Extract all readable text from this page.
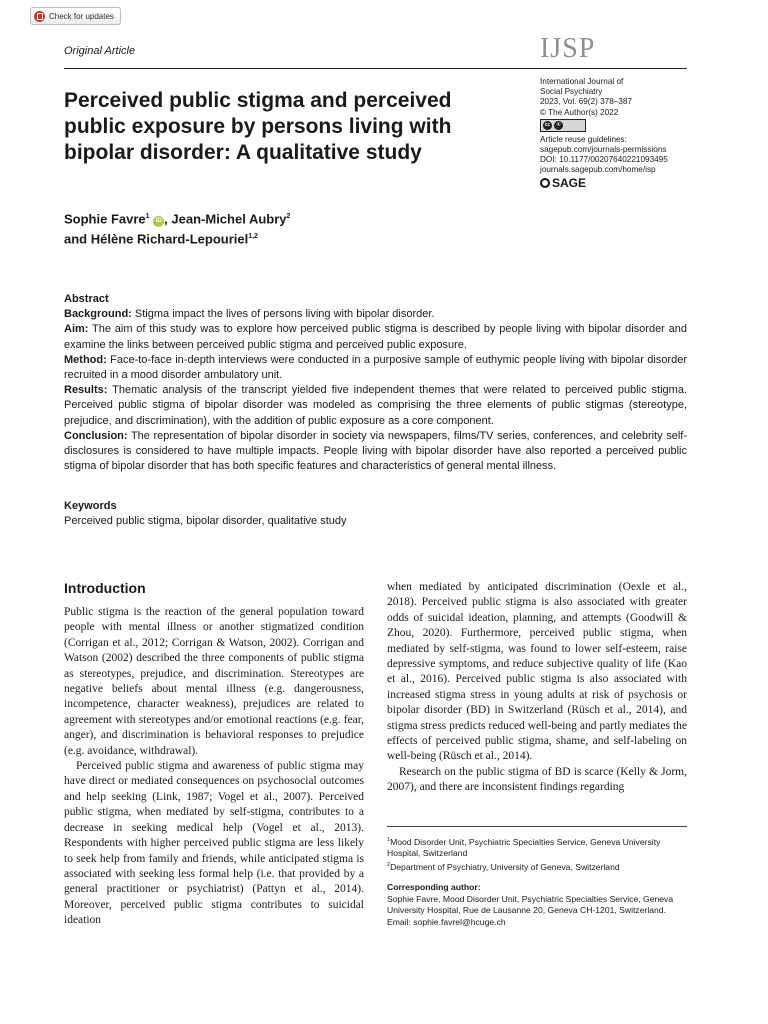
Check for updates
Original Article	IJSP
Perceived public stigma and perceived public exposure by persons living with bipolar disorder: A qualitative study
International Journal of
Social Psychiatry
2023, Vol. 69(2) 378–387
© The Author(s) 2022
cc	①
Article reuse guidelines:
sagepub.com/journals-permissions
DOI: 10.1177/00207640221093495
journals.sagepub.com/home/isp
SAGE
Sophie Favre$^1$ iD , Jean-Michel Aubry$^2$
and Hélène Richard-Lepouriel$^{1,2}$

Abstract

Background: Stigma impact the lives of persons living with bipolar disorder.

Aim: The aim of this study was to explore how perceived public stigma is described by people living with bipolar disorder and examine the links between perceived public stigma and perceived public exposure.

Method: Face-to-face in-depth interviews were conducted in a purposive sample of euthymic people living with bipolar disorder recruited in a mood disorder ambulatory unit.

Results: Thematic analysis of the transcript yielded five independent themes that were related to perceived public stigma. Perceived public stigma of bipolar disorder was modeled as comprising the three elements of public stigmas (stereotype, prejudice, and discrimination), with the addition of public exposure as a core component.

Conclusion: The representation of bipolar disorder in society via newspapers, films/TV series, conferences, and celebrity self-disclosures is considered to have multiple impacts. People living with bipolar disorder have also reported a perceived public stigma of bipolar disorder that has both specific features and characteristics of general mental illness.

Keywords
Perceived public stigma, bipolar disorder, qualitative study
Introduction

Public stigma is the reaction of the general population toward people with mental illness or another stigmatized condition (Corrigan et al., 2012; Corrigan & Watson, 2002). Corrigan and Watson (2002) described the three components of public stigma as stereotypes, prejudice, and discrimination. Stereotypes are negative beliefs about mental illness (e.g. dangerousness, incompetence, character weakness), prejudices are related to agreement with stereotypes and/or emotional reactions (e.g. fear, anger), and discrimination is behavioral responses to prejudice (e.g. avoidance, withdrawal).

Perceived public stigma and awareness of public stigma may have direct or mediated consequences on psychosocial outcomes and help seeking (Link, 1987; Vogel et al., 2007). Perceived public stigma, when mediated by self-stigma, contributes to a decrease in seeking medical help (Vogel et al., 2013). Respondents with higher perceived public stigma are less likely to seek help from family and friends, while anticipated stigma is associated with seeking less formal help (i.e. that provided by a general practitioner or psychiatrist) (Pattyn et al., 2014). Moreover, perceived public stigma contributes to suicidal ideation

when mediated by anticipated discrimination (Oexle et al., 2018). Perceived public stigma is also associated with greater odds of suicidal ideation, planning, and attempts (Goodwill & Zhou, 2020). Furthermore, perceived public stigma, when mediated by self-stigma, was found to lower self-esteem, raise depressive symptoms, and reduce subjective quality of life (Kao et al., 2016). Perceived public stigma is also associated with increased stigma stress in young adults at risk of psychosis or bipolar disorder (BD) in Switzerland (Rüsch et al., 2014), and stigma stress predicts reduced well-being and partly mediates the effects of perceived public stigma, shame, and self-labeling on well-being (Rüsch et al., 2014).

Research on the public stigma of BD is scarce (Kelly & Jorm, 2007), and there are inconsistent findings regarding

$^1$Mood Disorder Unit, Psychiatric Specialties Service, Geneva University Hospital, Switzerland
$^2$Department of Psychiatry, University of Geneva, Switzerland
Corresponding author:
Sophie Favre, Mood Disorder Unit, Psychiatric Specialties Service, Geneva University Hospital, Rue de Lausanne 20, Geneva CH-1201, Switzerland.
Email: sophie.favrel@hcuge.ch
